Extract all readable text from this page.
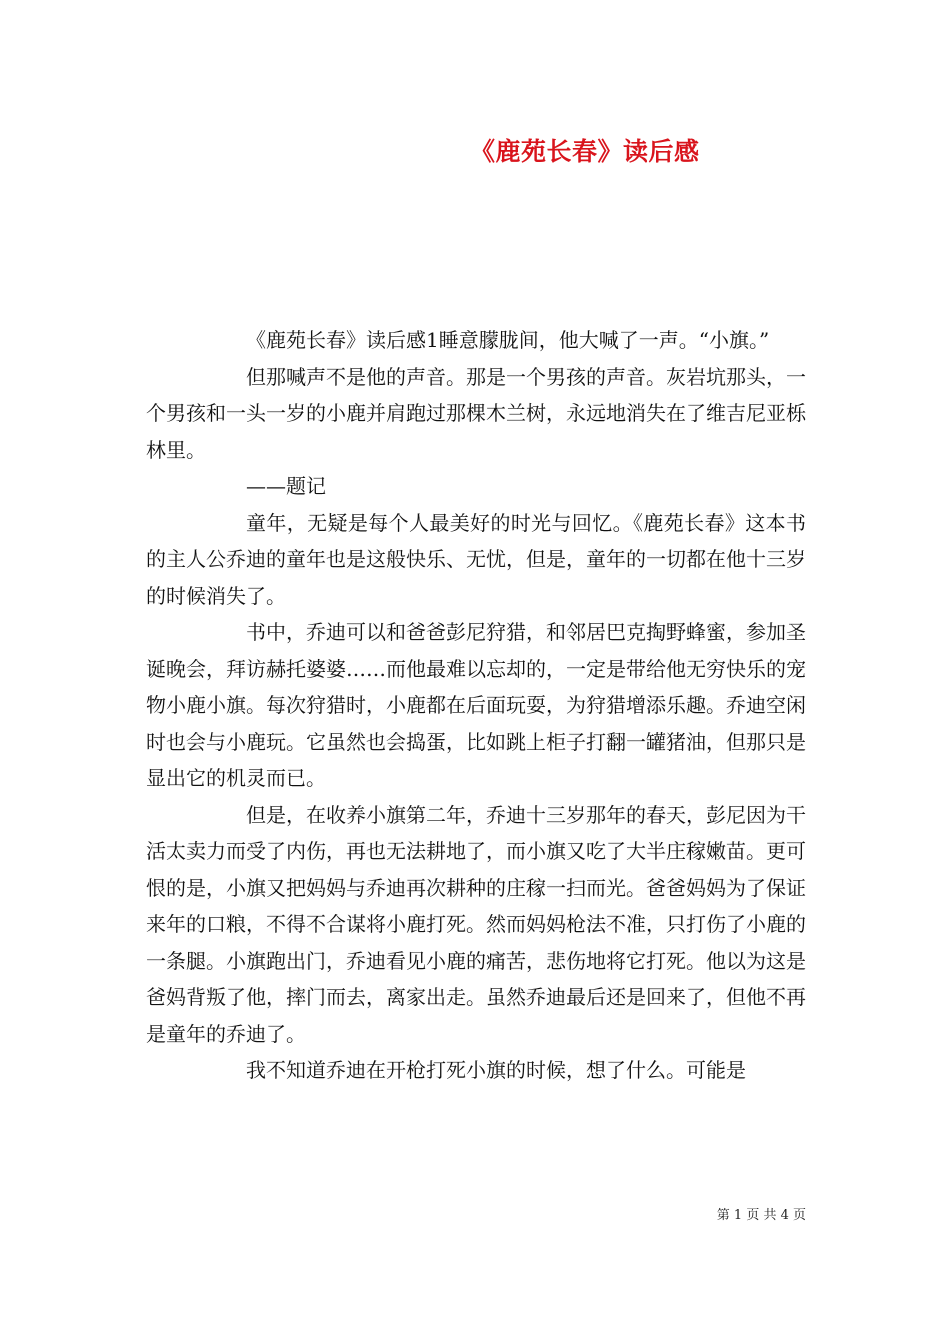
《鹿苑长春》读后感

《鹿苑长春》读后感1睡意朦胧间，他大喊了一声。“小旗。”

但那喊声不是他的声音。那是一个男孩的声音。灰岩坑那头，一个男孩和一头一岁的小鹿并肩跑过那棵木兰树，永远地消失在了维吉尼亚栎林里。

——题记

童年，无疑是每个人最美好的时光与回忆。《鹿苑长春》这本书的主人公乔迪的童年也是这般快乐、无忧，但是，童年的一切都在他十三岁的时候消失了。

书中，乔迪可以和爸爸彭尼狩猎，和邻居巴克掏野蜂蜜，参加圣诞晚会，拜访赫托婆婆……而他最难以忘却的，一定是带给他无穷快乐的宠物小鹿小旗。每次狩猎时，小鹿都在后面玩耍，为狩猎增添乐趣。乔迪空闲时也会与小鹿玩。它虽然也会捣蛋，比如跳上柜子打翻一罐猪油，但那只是显出它的机灵而已。

但是，在收养小旗第二年，乔迪十三岁那年的春天，彭尼因为干活太卖力而受了内伤，再也无法耕地了，而小旗又吃了大半庄稼嫩苗。更可恨的是，小旗又把妈妈与乔迪再次耕种的庄稼一扫而光。爸爸妈妈为了保证来年的口粮，不得不合谋将小鹿打死。然而妈妈枪法不准，只打伤了小鹿的一条腿。小旗跑出门，乔迪看见小鹿的痛苦，悲伤地将它打死。他以为这是爸妈背叛了他，摔门而去，离家出走。虽然乔迪最后还是回来了，但他不再是童年的乔迪了。

我不知道乔迪在开枪打死小旗的时候，想了什么。可能是

第 1 页 共 4 页
